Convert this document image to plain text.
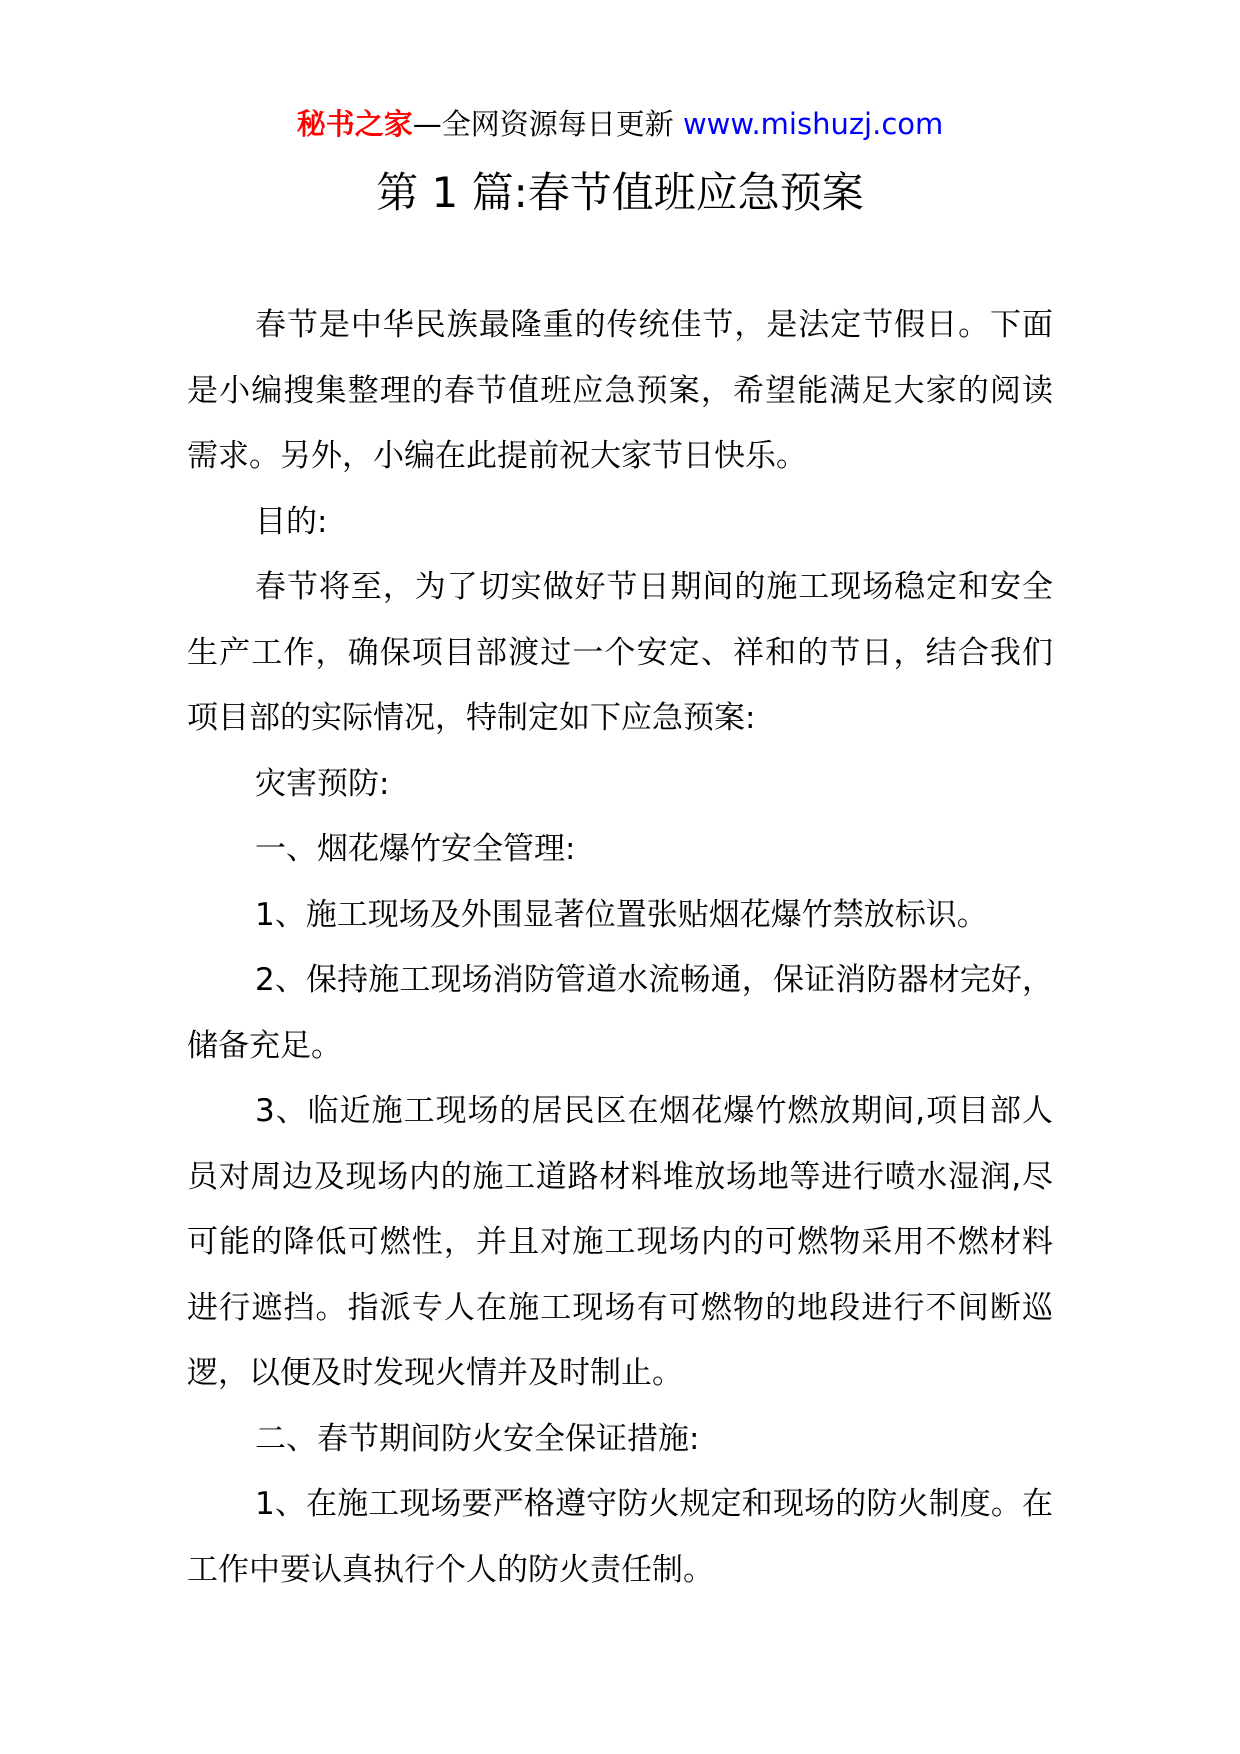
秘书之家—全网资源每日更新 www.mishuzj.com
第 1 篇:春节值班应急预案

春节是中华民族最隆重的传统佳节，是法定节假日。下面是小编搜集整理的春节值班应急预案，希望能满足大家的阅读需求。另外，小编在此提前祝大家节日快乐。

目的:

春节将至，为了切实做好节日期间的施工现场稳定和安全生产工作，确保项目部渡过一个安定、祥和的节日，结合我们项目部的实际情况，特制定如下应急预案:

灾害预防:

一、烟花爆竹安全管理:

1、施工现场及外围显著位置张贴烟花爆竹禁放标识。

2、保持施工现场消防管道水流畅通，保证消防器材完好，储备充足。

3、临近施工现场的居民区在烟花爆竹燃放期间,项目部人员对周边及现场内的施工道路材料堆放场地等进行喷水湿润,尽可能的降低可燃性，并且对施工现场内的可燃物采用不燃材料进行遮挡。指派专人在施工现场有可燃物的地段进行不间断巡逻，以便及时发现火情并及时制止。

二、春节期间防火安全保证措施:

1、在施工现场要严格遵守防火规定和现场的防火制度。在工作中要认真执行个人的防火责任制。
